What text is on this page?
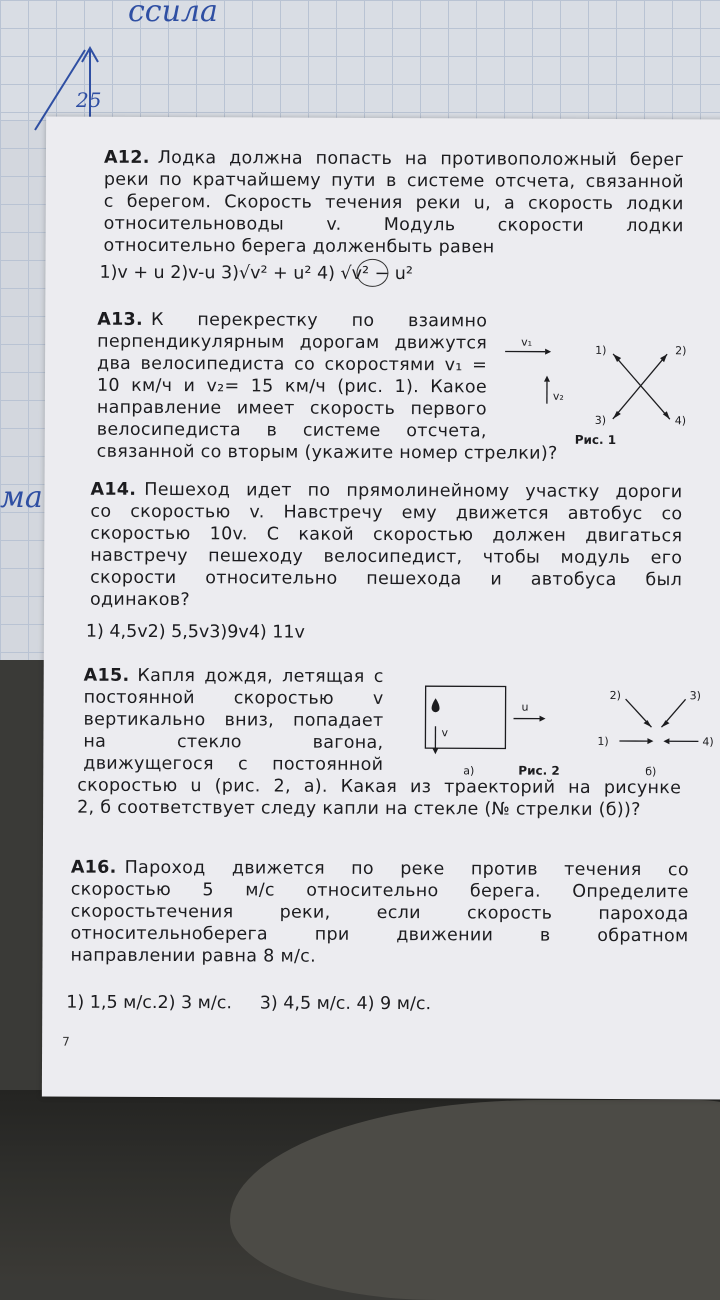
ссила
25
ма

A12. Лодка должна попасть на противоположный берег

реки по кратчайшему пути в системе отсчета, связанной

с берегом. Скорость течения реки u, а скорость лодки

относительноводы v. Модуль скорости лодки

относительно берега долженбыть равен

1)v + u 2)v-u 3)√v² + u² 4) √v² − u²

A13. К перекрестку по взаимно

перпендикулярным дорогам движутся

два велосипедиста со скоростями v₁ =

10 км/ч и v₂= 15 км/ч (рис. 1). Какое

направление имеет скорость первого

велосипедиста в системе отсчета,

связанной со вторым (укажите номер стрелки)?

v₁
v₂
1)	2)
3)	4)
Рис. 1

A14. Пешеход идет по прямолинейному участку дороги

со скоростью v. Навстречу ему движется автобус со

скоростью 10v. С какой скоростью должен двигаться

навстречу пешеходу велосипедист, чтобы модуль его

скорости относительно пешехода и автобуса был

одинаков?

1) 4,5v2) 5,5v3)9v4) 11v

A15. Капля дождя, летящая с

постоянной скоростью v

вертикально вниз, попадает

на стекло вагона,

движущегося с постоянной

скоростью u (рис. 2, а). Какая из траекторий на рисунке

2, б соответствует следу капли на стекле (№ стрелки (б))?

v
u
а)	Рис. 2	б)
2)	3)
1)	4)

A16. Пароход движется по реке против течения со

скоростью 5 м/с относительно берега. Определите

скоростьтечения реки, если скорость парохода

относительноберега при движении в обратном

направлении равна 8 м/с.

1) 1,5 м/с.2) 3 м/с.     3) 4,5 м/с. 4) 9 м/с.
7
